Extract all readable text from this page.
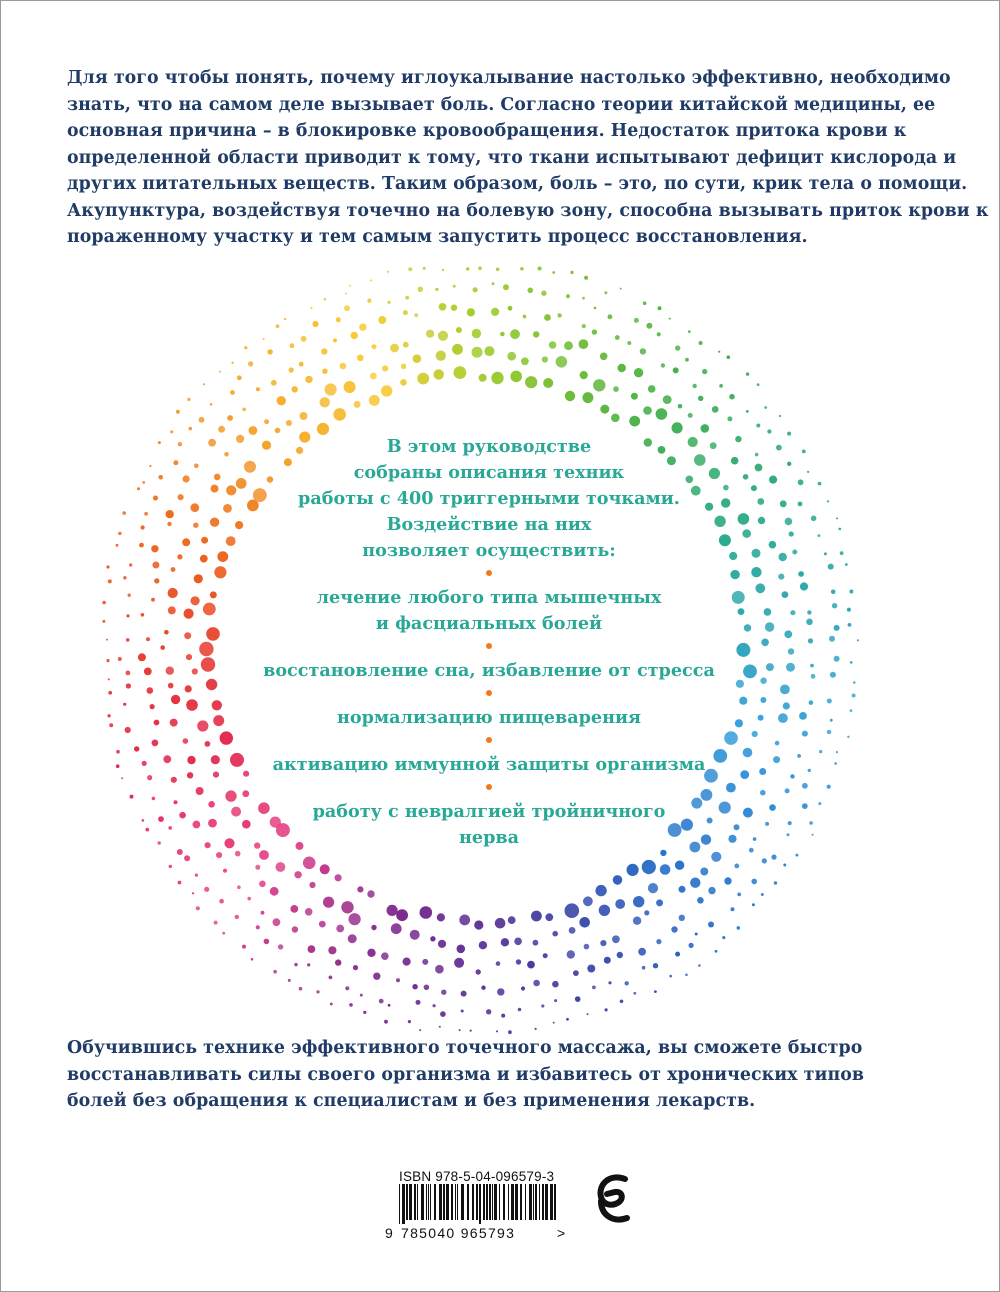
Для того чтобы понять, почему иглоукалывание настолько эффективно, необходимо
знать, что на самом деле вызывает боль. Согласно теории китайской медицины, ее
основная причина – в блокировке кровообращения. Недостаток притока крови к
определенной области приводит к тому, что ткани испытывают дефицит кислорода и
других питательных веществ. Таким образом, боль – это, по сути, крик тела о помощи.
Акупунктура, воздействуя точечно на болевую зону, способна вызывать приток крови к
пораженному участку и тем самым запустить процесс восстановления.

В этом руководстве
собраны описания техник
работы с 400 триггерными точками.
Воздействие на них
позволяет осуществить:
лечение любого типа мышечных
и фасциальных болей
восстановление сна, избавление от стресса
нормализацию пищеварения
активацию иммунной защиты организма
работу с невралгией тройничного
нерва

Обучившись технике эффективного точечного массажа, вы сможете быстро
восстанавливать силы своего организма и избавитесь от хронических типов
болей без обращения к специалистам и без применения лекарств.

ISBN 978-5-04-096579-3
9 785040 965793	>
